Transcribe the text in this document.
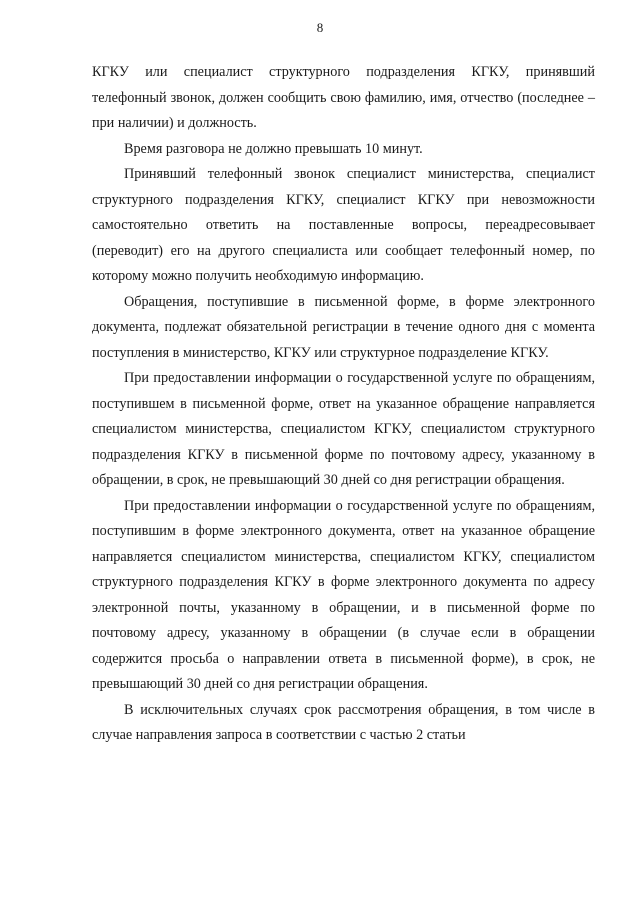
8

КГКУ или специалист структурного подразделения КГКУ, принявший телефонный звонок, должен сообщить свою фамилию, имя, отчество (последнее – при наличии) и должность.

Время разговора не должно превышать 10 минут.

Принявший телефонный звонок специалист министерства, специалист структурного подразделения КГКУ, специалист КГКУ при невозможности самостоятельно ответить на поставленные вопросы, переадресовывает (переводит) его на другого специалиста или сообщает телефонный номер, по которому можно получить необходимую информацию.

Обращения, поступившие в письменной форме, в форме электронного документа, подлежат обязательной регистрации в течение одного дня с момента поступления в министерство, КГКУ или структурное подразделение КГКУ.

При предоставлении информации о государственной услуге по обращениям, поступившем в письменной форме, ответ на указанное обращение направляется специалистом министерства, специалистом КГКУ, специалистом структурного подразделения КГКУ в письменной форме по почтовому адресу, указанному в обращении, в срок, не превышающий 30 дней со дня регистрации обращения.

При предоставлении информации о государственной услуге по обращениям, поступившим в форме электронного документа, ответ на указанное обращение направляется специалистом министерства, специалистом КГКУ, специалистом структурного подразделения КГКУ в форме электронного документа по адресу электронной почты, указанному в обращении, и в письменной форме по почтовому адресу, указанному в обращении (в случае если в обращении содержится просьба о направлении ответа в письменной форме), в срок, не превышающий 30 дней со дня регистрации обращения.

В исключительных случаях срок рассмотрения обращения, в том числе в случае направления запроса в соответствии с частью 2 статьи
